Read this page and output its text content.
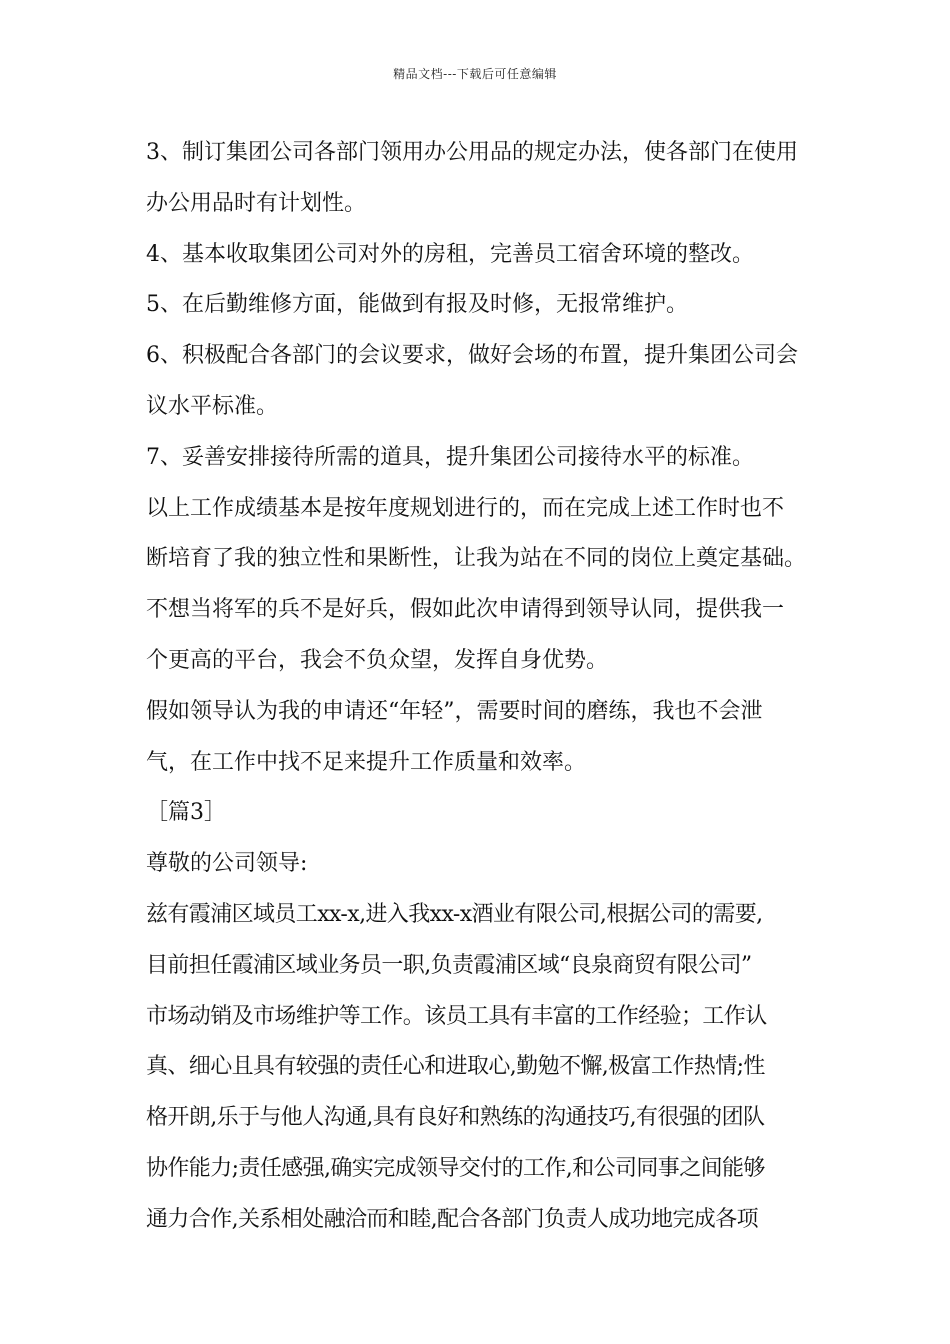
精品文档---下载后可任意编辑
3、制订集团公司各部门领用办公用品的规定办法，使各部门在使用
办公用品时有计划性。
4、基本收取集团公司对外的房租，完善员工宿舍环境的整改。
5、在后勤维修方面，能做到有报及时修，无报常维护。
6、积极配合各部门的会议要求，做好会场的布置，提升集团公司会
议水平标准。
7、妥善安排接待所需的道具，提升集团公司接待水平的标准。
以上工作成绩基本是按年度规划进行的，而在完成上述工作时也不
断培育了我的独立性和果断性，让我为站在不同的岗位上奠定基础。
不想当将军的兵不是好兵，假如此次申请得到领导认同，提供我一
个更高的平台，我会不负众望，发挥自身优势。
假如领导认为我的申请还“年轻”，需要时间的磨练，我也不会泄
气，在工作中找不足来提升工作质量和效率。
［篇3］
尊敬的公司领导:
兹有霞浦区域员工xx-x,进入我xx-x酒业有限公司,根据公司的需要,
目前担任霞浦区域业务员一职,负责霞浦区域“良泉商贸有限公司”
市场动销及市场维护等工作。该员工具有丰富的工作经验；工作认
真、细心且具有较强的责任心和进取心,勤勉不懈,极富工作热情;性
格开朗,乐于与他人沟通,具有良好和熟练的沟通技巧,有很强的团队
协作能力;责任感强,确实完成领导交付的工作,和公司同事之间能够
通力合作,关系相处融洽而和睦,配合各部门负责人成功地完成各项
